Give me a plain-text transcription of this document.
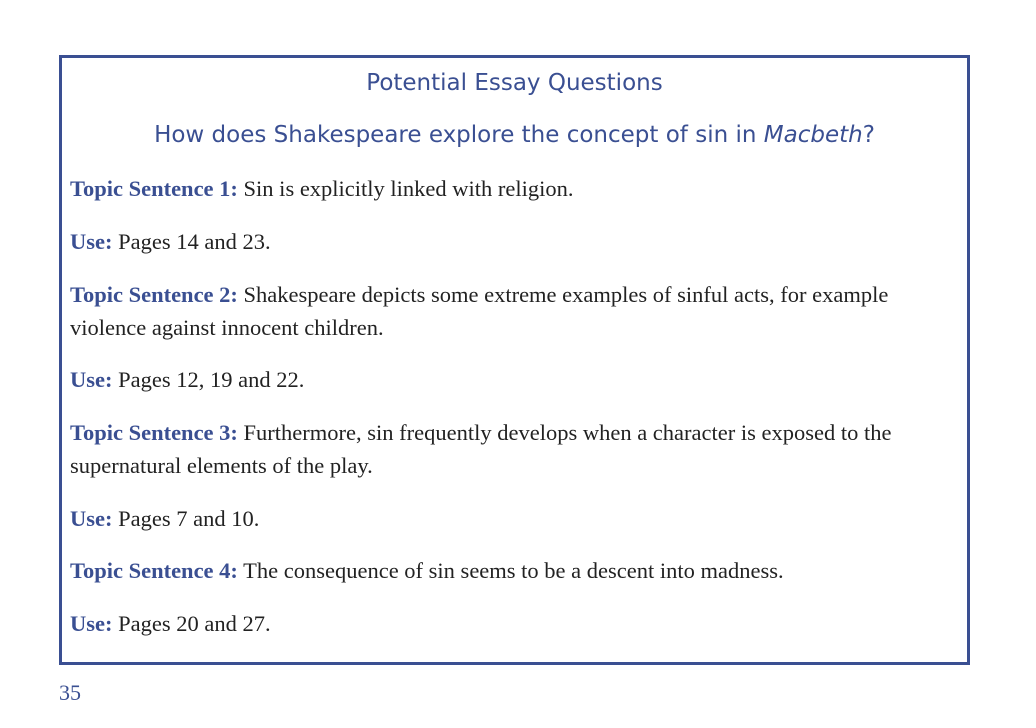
Potential Essay Questions
How does Shakespeare explore the concept of sin in Macbeth?

Topic Sentence 1: Sin is explicitly linked with religion.

Use: Pages 14 and 23.

Topic Sentence 2: Shakespeare depicts some extreme examples of sinful acts, for example violence against innocent children.

Use: Pages 12, 19 and 22.

Topic Sentence 3: Furthermore, sin frequently develops when a character is exposed to the supernatural elements of the play.

Use: Pages 7 and 10.

Topic Sentence 4: The consequence of sin seems to be a descent into madness.

Use: Pages 20 and 27.

35
